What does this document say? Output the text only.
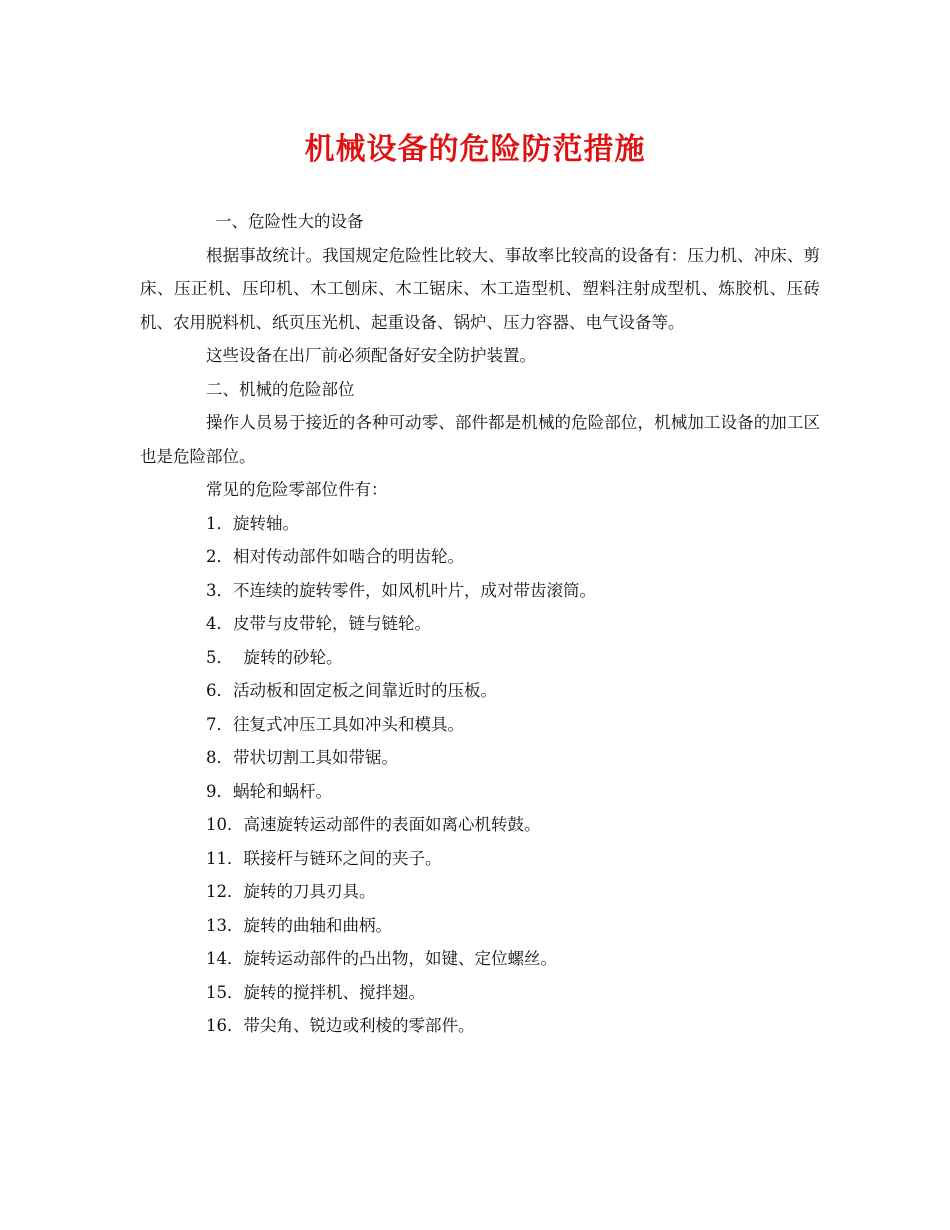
机械设备的危险防范措施

一、危险性大的设备

根据事故统计。我国规定危险性比较大、事故率比较高的设备有：压力机、冲床、剪床、压正机、压印机、木工刨床、木工锯床、木工造型机、塑料注射成型机、炼胶机、压砖机、农用脱料机、纸页压光机、起重设备、锅炉、压力容器、电气设备等。

这些设备在出厂前必须配备好安全防护装置。

二、机械的危险部位

操作人员易于接近的各种可动零、部件都是机械的危险部位，机械加工设备的加工区也是危险部位。

常见的危险零部位件有：

1．旋转轴。

2．相对传动部件如啮合的明齿轮。

3．不连续的旋转零件，如风机叶片，成对带齿滚筒。

4．皮带与皮带轮，链与链轮。

5．  旋转的砂轮。

6．活动板和固定板之间靠近时的压板。

7．往复式冲压工具如冲头和模具。

8．带状切割工具如带锯。

9．蜗轮和蜗杆。

10．高速旋转运动部件的表面如离心机转鼓。

11．联接杆与链环之间的夹子。

12．旋转的刀具刃具。

13．旋转的曲轴和曲柄。

14．旋转运动部件的凸出物，如键、定位螺丝。

15．旋转的搅拌机、搅拌翅。

16．带尖角、锐边或利棱的零部件。
